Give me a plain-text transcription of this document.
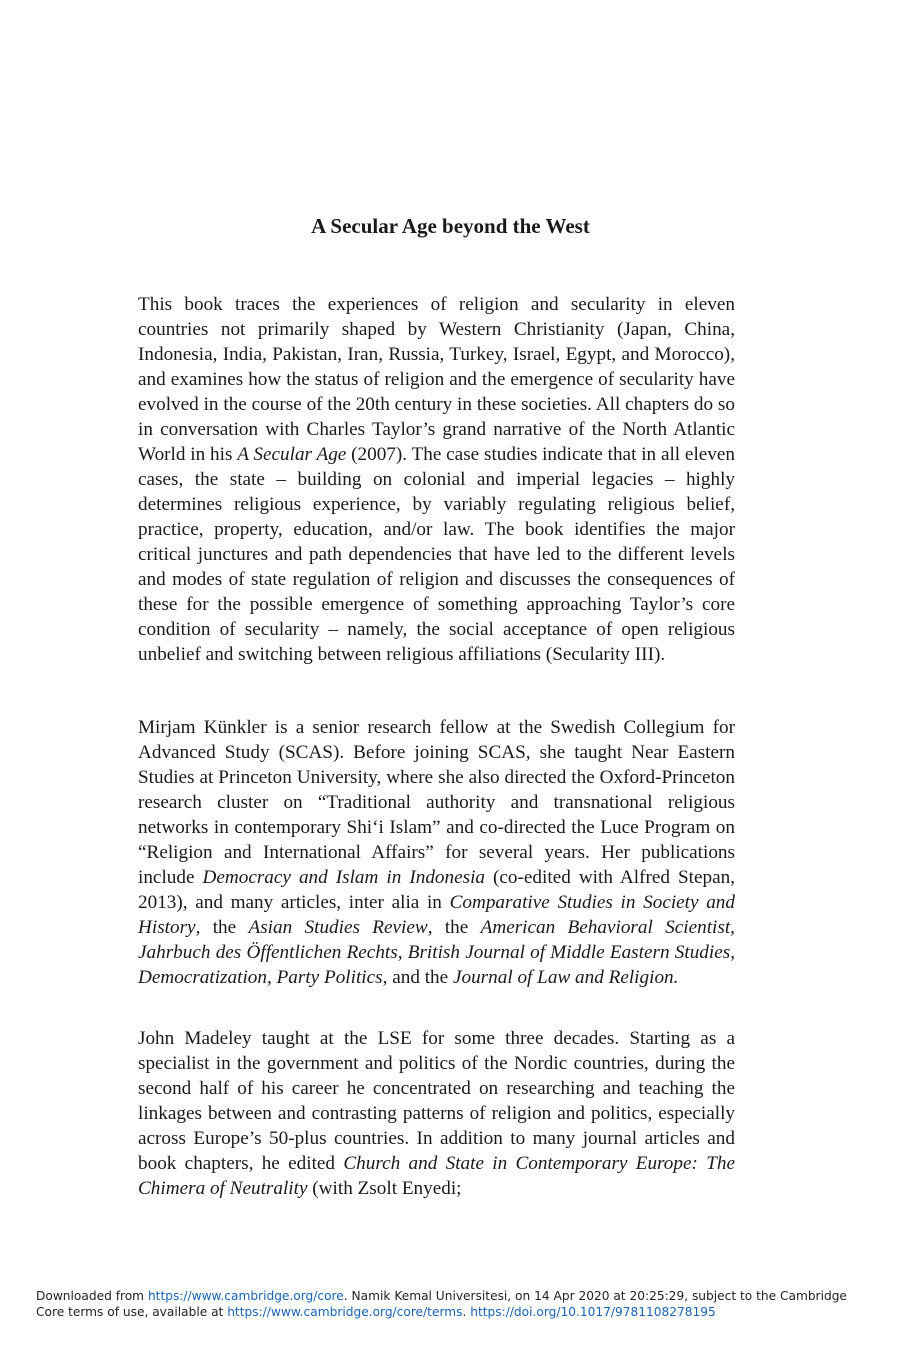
A Secular Age beyond the West

This book traces the experiences of religion and secularity in eleven countries not primarily shaped by Western Christianity (Japan, China, Indonesia, India, Pakistan, Iran, Russia, Turkey, Israel, Egypt, and Morocco), and examines how the status of religion and the emergence of secularity have evolved in the course of the 20th century in these societies. All chapters do so in conversation with Charles Taylor’s grand narrative of the North Atlantic World in his A Secular Age (2007). The case studies indicate that in all eleven cases, the state – building on colonial and imperial legacies – highly determines religious experience, by variably regulating religious belief, practice, property, education, and/or law. The book identifies the major critical junctures and path dependencies that have led to the different levels and modes of state regulation of religion and discusses the consequences of these for the possible emergence of something approaching Taylor’s core condition of secularity – namely, the social acceptance of open religious unbelief and switching between religious affiliations (Secularity III).

Mirjam Künkler is a senior research fellow at the Swedish Collegium for Advanced Study (SCAS). Before joining SCAS, she taught Near Eastern Studies at Princeton University, where she also directed the Oxford-Princeton research cluster on “Traditional authority and transnational religious networks in contemporary Shi‘i Islam” and co-directed the Luce Program on “Religion and International Affairs” for several years. Her publications include Democracy and Islam in Indonesia (co-edited with Alfred Stepan, 2013), and many articles, inter alia in Comparative Studies in Society and History, the Asian Studies Review, the American Behavioral Scientist, Jahrbuch des Öffentlichen Rechts, British Journal of Middle Eastern Studies, Democratization, Party Politics, and the Journal of Law and Religion.

John Madeley taught at the LSE for some three decades. Starting as a specialist in the government and politics of the Nordic countries, during the second half of his career he concentrated on researching and teaching the linkages between and contrasting patterns of religion and politics, especially across Europe’s 50-plus countries. In addition to many journal articles and book chapters, he edited Church and State in Contemporary Europe: The Chimera of Neutrality (with Zsolt Enyedi;

Downloaded from https://www.cambridge.org/core. Namik Kemal Universitesi, on 14 Apr 2020 at 20:25:29, subject to the Cambridge Core terms of use, available at https://www.cambridge.org/core/terms. https://doi.org/10.1017/9781108278195
